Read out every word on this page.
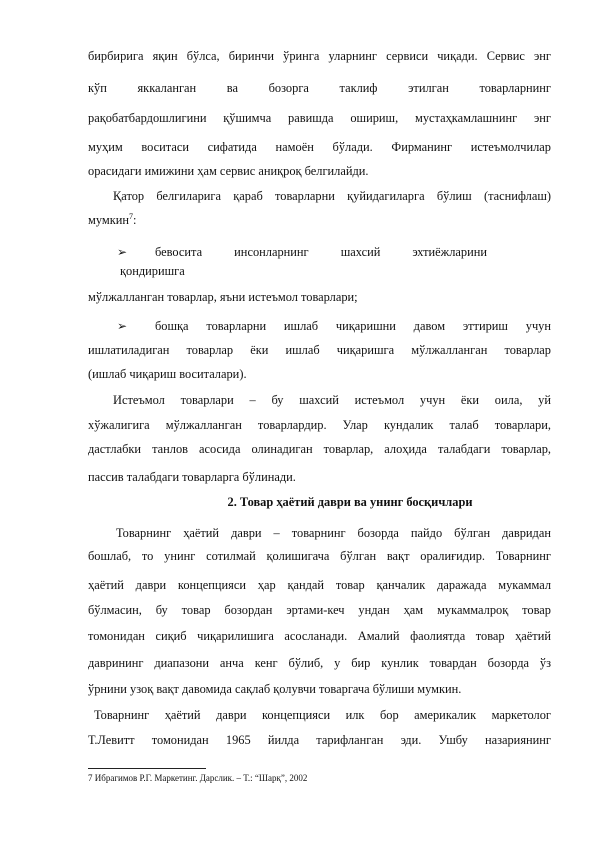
бирбирига яқин бўлса, биринчи ўринга уларнинг сервиси чиқади. Сервис энг
кўп яккаланган ва бозорга таклиф этилган товарларнинг
рақобатбардошлигини қўшимча равишда ошириш, мустаҳкамлашнинг энг
муҳим воситаси сифатида намоён бўлади. Фирманинг истеъмолчилар
орасидаги имижини ҳам сервис аниқроқ белгилайди.
Қатор белгиларига қараб товарларни қуйидагиларга бўлиш (таснифлаш)
мумкин$^7$:
➢ бевосита инсонларнинг шахсий эхтиёжларини
қондиришга
мўлжалланган товарлар, яъни истеъмол товарлари;
➢ бошқа товарларни ишлаб чиқаришни давом эттириш учун
ишлатиладиган товарлар ёки ишлаб чиқаришга мўлжалланган товарлар
(ишлаб чиқариш воситалари).
Истеъмол товарлари – бу шахсий истеъмол учун ёки оила, уй
хўжалигига мўлжалланган товарлардир. Улар кундалик талаб товарлари,
дастлабки танлов асосида олинадиган товарлар, алоҳида талабдаги товарлар,
пассив талабдаги товарларга бўлинади.
2. Товар ҳаётий даври ва унинг босқичлари
Товарнинг ҳаётий даври – товарнинг бозорда пайдо бўлган давридан
бошлаб, то унинг сотилмай қолишигача бўлган вақт оралиғидир. Товарнинг
ҳаётий даври концепцияси ҳар қандай товар қанчалик даражада мукаммал
бўлмасин, бу товар бозордан эртами-кеч ундан ҳам мукаммалроқ товар
томонидан сиқиб чиқарилишига асосланади. Амалий фаолиятда товар ҳаётий
даврининг диапазони анча кенг бўлиб, у бир кунлик товардан бозорда ўз
ўрнини узоқ вақт давомида сақлаб қолувчи товаргача бўлиши мумкин.
Товарнинг ҳаётий даври концепцияси илк бор америкалик маркетолог
Т.Левитт томонидан 1965 йилда тарифланган эди. Ушбу назариянинг
7 Ибрагимов Р.Г. Маркетинг. Дарслик. – Т.: “Шарқ”, 2002
